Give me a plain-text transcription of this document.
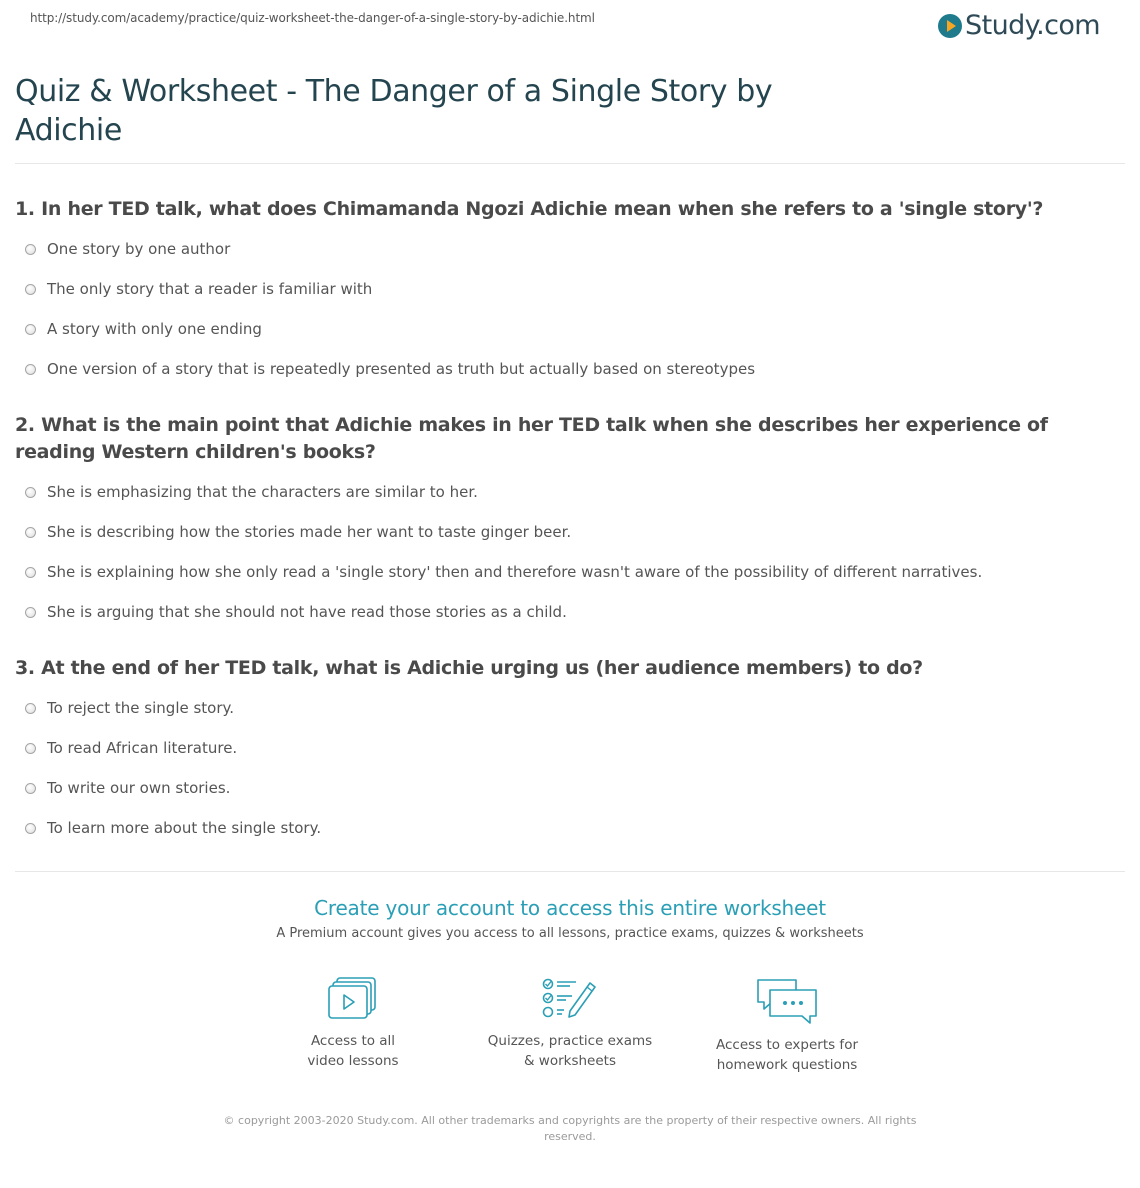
http://study.com/academy/practice/quiz-worksheet-the-danger-of-a-single-story-by-adichie.html	Study.com
Quiz & Worksheet - The Danger of a Single Story by Adichie
1. In her TED talk, what does Chimamanda Ngozi Adichie mean when she refers to a 'single story'?
One story by one author
The only story that a reader is familiar with
A story with only one ending
One version of a story that is repeatedly presented as truth but actually based on stereotypes
2. What is the main point that Adichie makes in her TED talk when she describes her experience of reading Western children's books?
She is emphasizing that the characters are similar to her.
She is describing how the stories made her want to taste ginger beer.
She is explaining how she only read a 'single story' then and therefore wasn't aware of the possibility of different narratives.
She is arguing that she should not have read those stories as a child.
3. At the end of her TED talk, what is Adichie urging us (her audience members) to do?
To reject the single story.
To read African literature.
To write our own stories.
To learn more about the single story.
Create your account to access this entire worksheet
A Premium account gives you access to all lessons, practice exams, quizzes & worksheets
Access to all
video lessons
Quizzes, practice exams
& worksheets
Access to experts for
homework questions
© copyright 2003-2020 Study.com. All other trademarks and copyrights are the property of their respective owners. All rights reserved.
